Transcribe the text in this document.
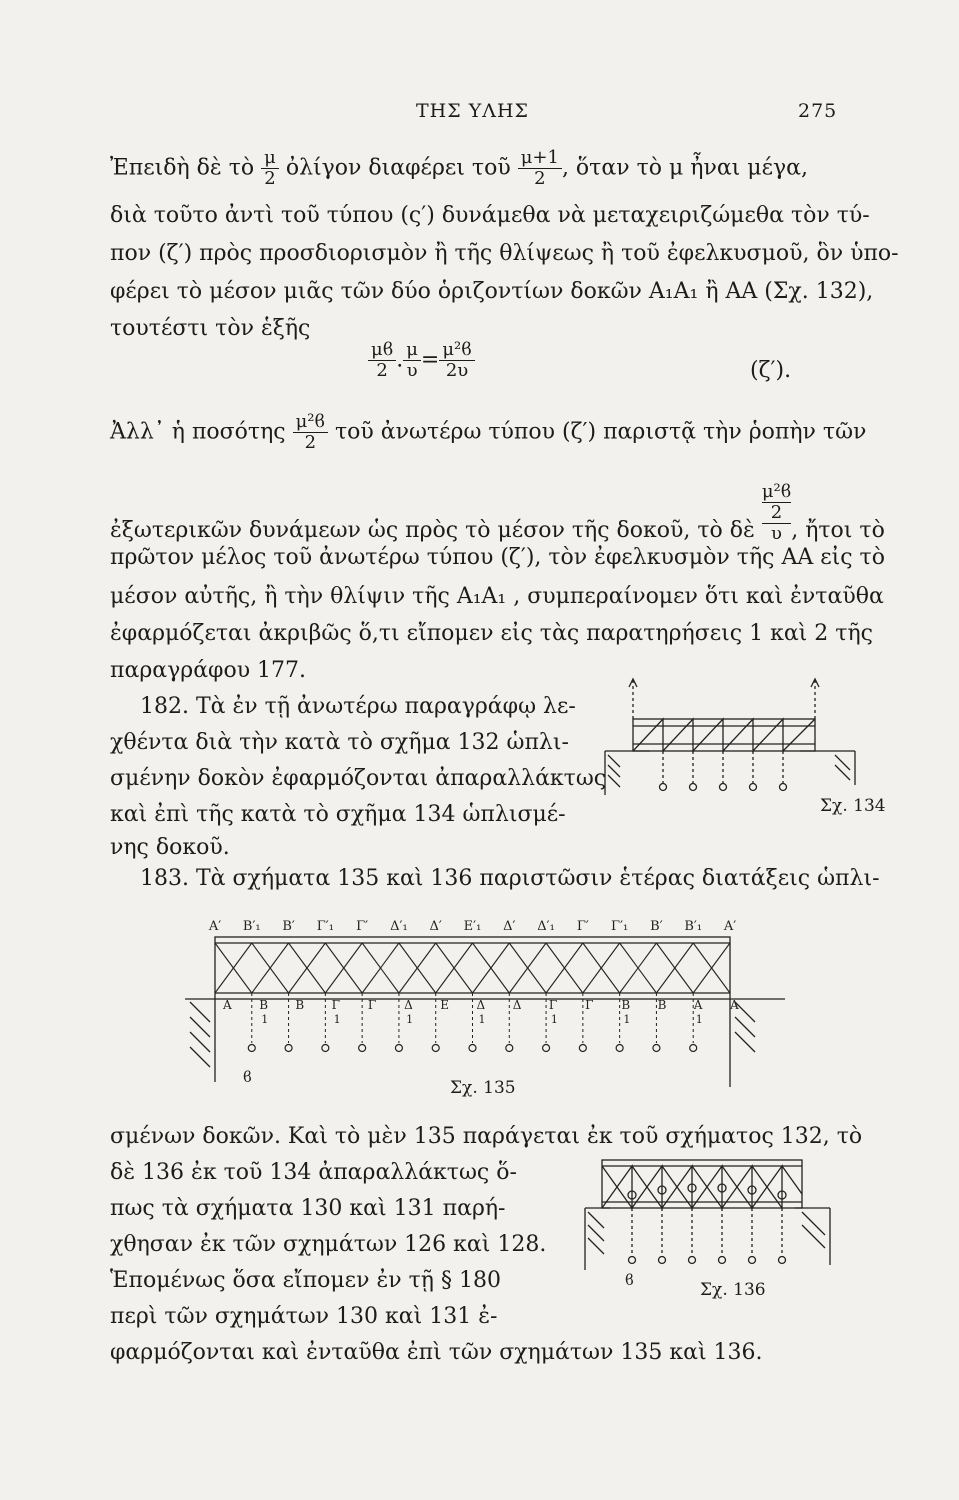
ΤΗΣ ΥΛΗΣ	275
Ἐπειδὴ δὲ τὸ $\frac{\mu}{2}$ ὀλίγον διαφέρει τοῦ $\frac{\mu+1}{2}$ , ὅταν τὸ μ ἦναι μέγα,
διὰ τοῦτο ἀντὶ τοῦ τύπου (ς′) δυνάμεθα νὰ μεταχειριζώμεθα τὸν τύ-
πον (ζ′) πρὸς προσδιορισμὸν ἢ τῆς θλίψεως ἢ τοῦ ἐφελκυσμοῦ, ὃν ὑπο-
φέρει τὸ μέσον μιᾶς τῶν δύο ὁριζοντίων δοκῶν Α₁Α₁ ἢ ΑΑ (Σχ. 132),
τουτέστι τὸν ἑξῆς
$\frac{\mu ϐ}{2}$ . $\frac{\mu}{\upsilon} = \frac{\text{μ²ϐ}}{2\upsilon}$	(ζ′).
Ἀλλ᾽ ἡ ποσότης $\frac{\text{μ²ϐ}}{2}$ τοῦ ἀνωτέρω τύπου (ζ′) παριστᾷ τὴν ῥοπὴν τῶν
ἐξωτερικῶν δυνάμεων ὡς πρὸς τὸ μέσον τῆς δοκοῦ, τὸ δὲ
μ²ϐ
2
υ , ἤτοι τὸ
πρῶτον μέλος τοῦ ἀνωτέρω τύπου (ζ′), τὸν ἐφελκυσμὸν τῆς ΑΑ εἰς τὸ
μέσον αὐτῆς, ἢ τὴν θλίψιν τῆς Α₁Α₁ , συμπεραίνομεν ὅτι καὶ ἐνταῦθα
ἐφαρμόζεται ἀκριβῶς ὅ,τι εἴπομεν εἰς τὰς παρατηρήσεις 1 καὶ 2 τῆς
παραγράφου 177.
182. Τὰ ἐν τῇ ἀνωτέρω παραγράφῳ λε-
χθέντα διὰ τὴν κατὰ τὸ σχῆμα 132 ὡπλι-
σμένην δοκὸν ἐφαρμόζονται ἀπαραλλάκτως
καὶ ἐπὶ τῆς κατὰ τὸ σχῆμα 134 ὡπλισμέ-
νης δοκοῦ.
Σχ. 134
183. Τὰ σχήματα 135 καὶ 136 παριστῶσιν ἑτέρας διατάξεις ὡπλι-
A′ B′₁ B′ Γ′₁ Γ′ Δ′₁ Δ′ E′₁ Δ′ Δ′₁ Γ′ Γ′₁ B′ B′₁ A′
A B
1
B Γ
1
Γ Δ
1
E Δ
1
Δ Γ
1
Γ B
1
B A
1
A
ϐ
Σχ. 135
σμένων δοκῶν. Καὶ τὸ μὲν 135 παράγεται ἐκ τοῦ σχήματος 132, τὸ
δὲ 136 ἐκ τοῦ 134 ἀπαραλλάκτως ὅ-
πως τὰ σχήματα 130 καὶ 131 παρή-
χθησαν ἐκ τῶν σχημάτων 126 καὶ 128.
Ἑπομένως ὅσα εἴπομεν ἐν τῇ § 180
περὶ τῶν σχημάτων 130 καὶ 131 ἐ-
φαρμόζονται καὶ ἐνταῦθα ἐπὶ τῶν σχημάτων 135 καὶ 136.
ϐ	Σχ. 136
